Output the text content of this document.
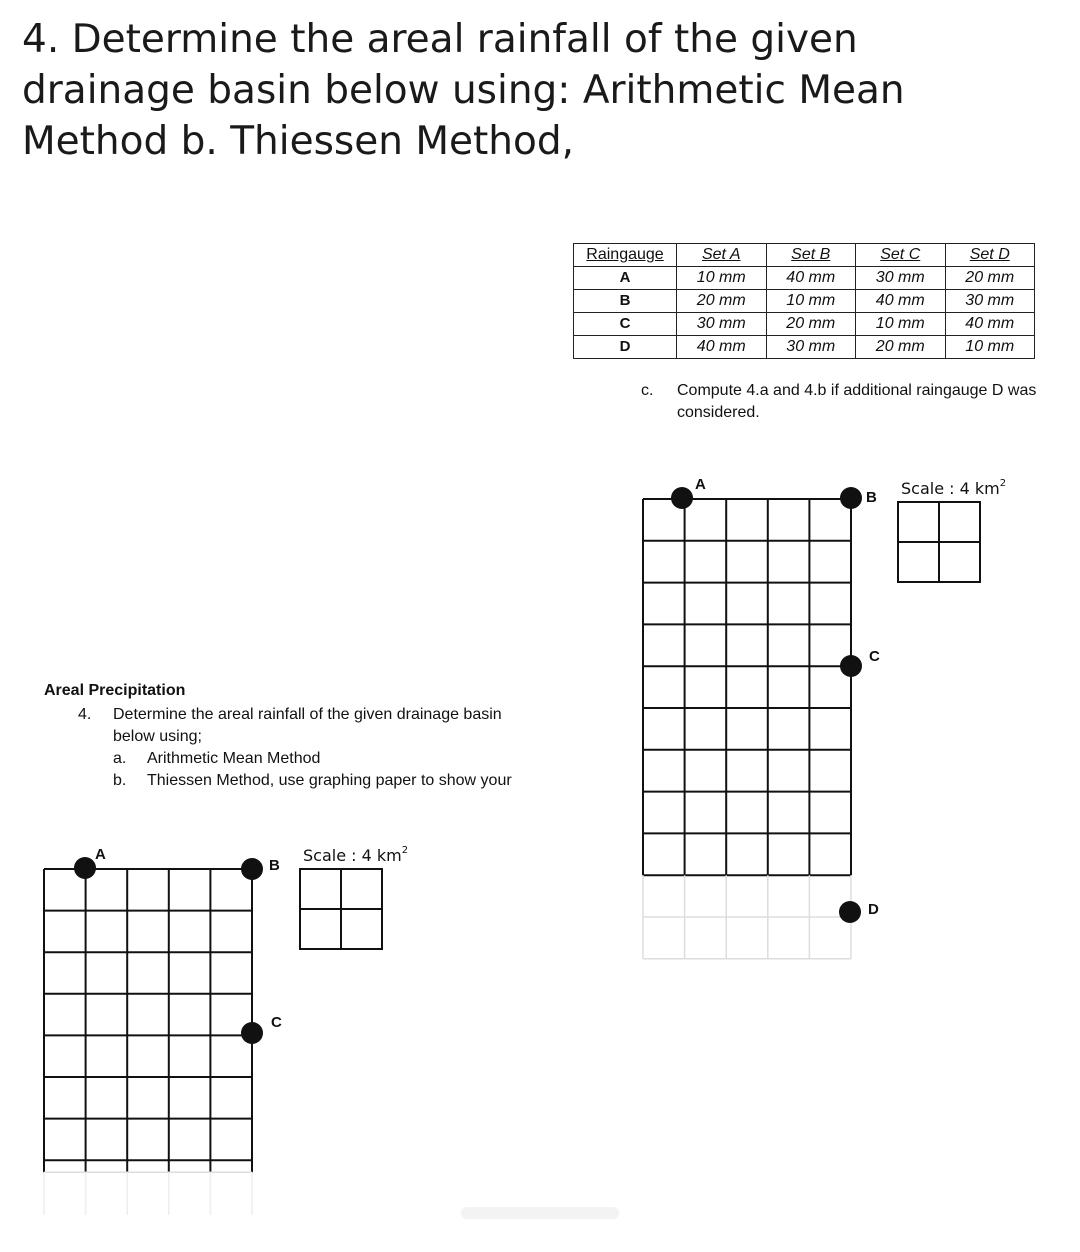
4. Determine the areal rainfall of the given drainage basin below using: Arithmetic Mean Method b. Thiessen Method,
Raingauge	Set A	Set B	Set C	Set D
A	10 mm	40 mm	30 mm	20 mm
B	20 mm	10 mm	40 mm	30 mm
C	30 mm	20 mm	10 mm	40 mm
D	40 mm	30 mm	20 mm	10 mm
c. Compute 4.a and 4.b if additional raingauge D was considered.
Areal Precipitation
4. Determine the areal rainfall of the given drainage basin
below using;
a. Arithmetic Mean Method
b. Thiessen Method, use graphing paper to show your
A
B
C
D
Scale : 4 $km^2$
A
B
C
Scale : 4 $km^2$
